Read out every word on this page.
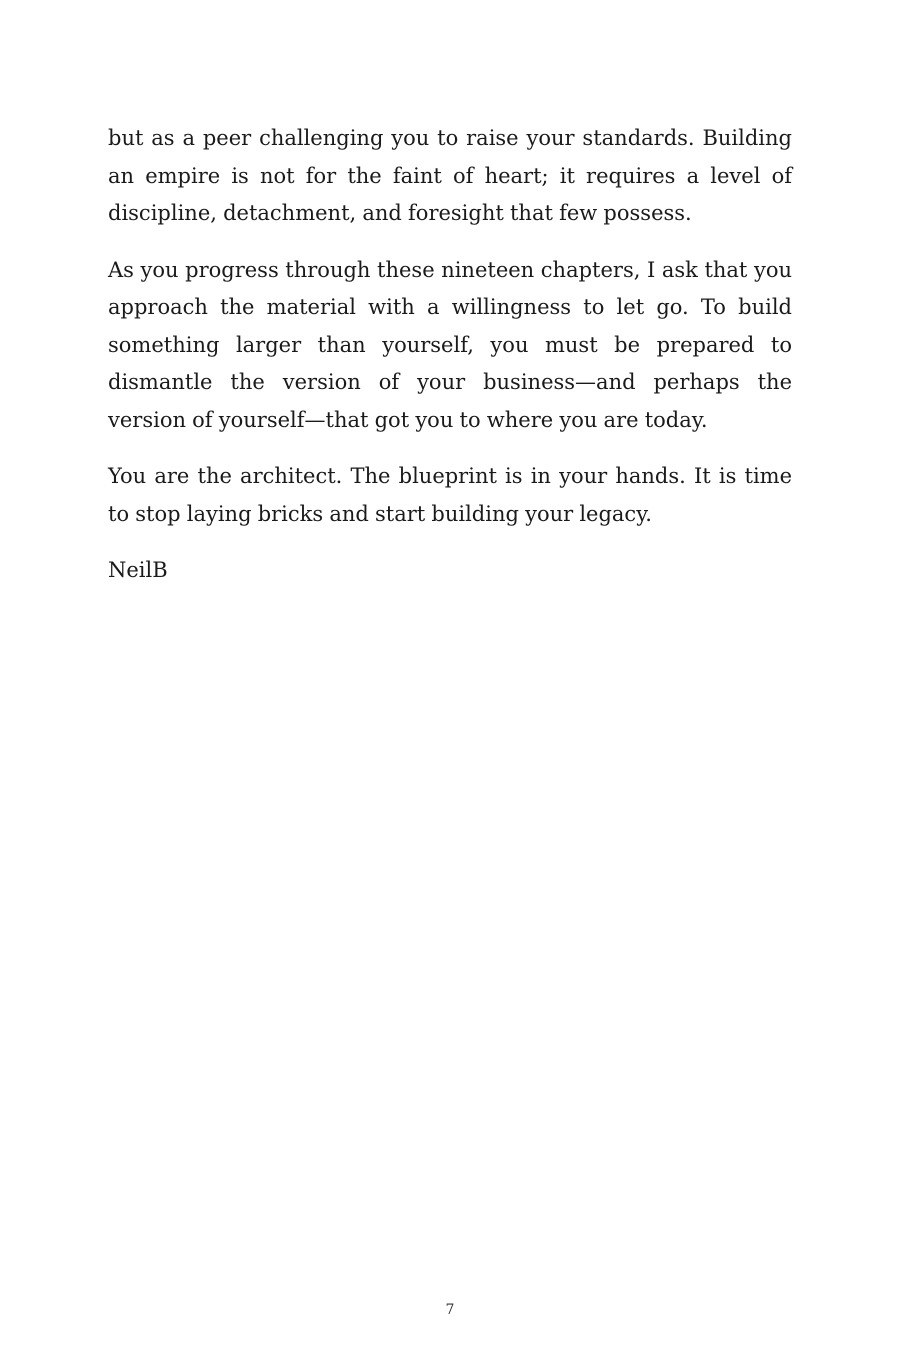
but as a peer challenging you to raise your standards. Building an empire is not for the faint of heart; it requires a level of discipline, detachment, and foresight that few possess.

As you progress through these nineteen chapters, I ask that you approach the material with a willingness to let go. To build something larger than yourself, you must be prepared to dismantle the version of your business—and perhaps the version of yourself—that got you to where you are today.

You are the architect. The blueprint is in your hands. It is time to stop laying bricks and start building your legacy.

NeilB

7
